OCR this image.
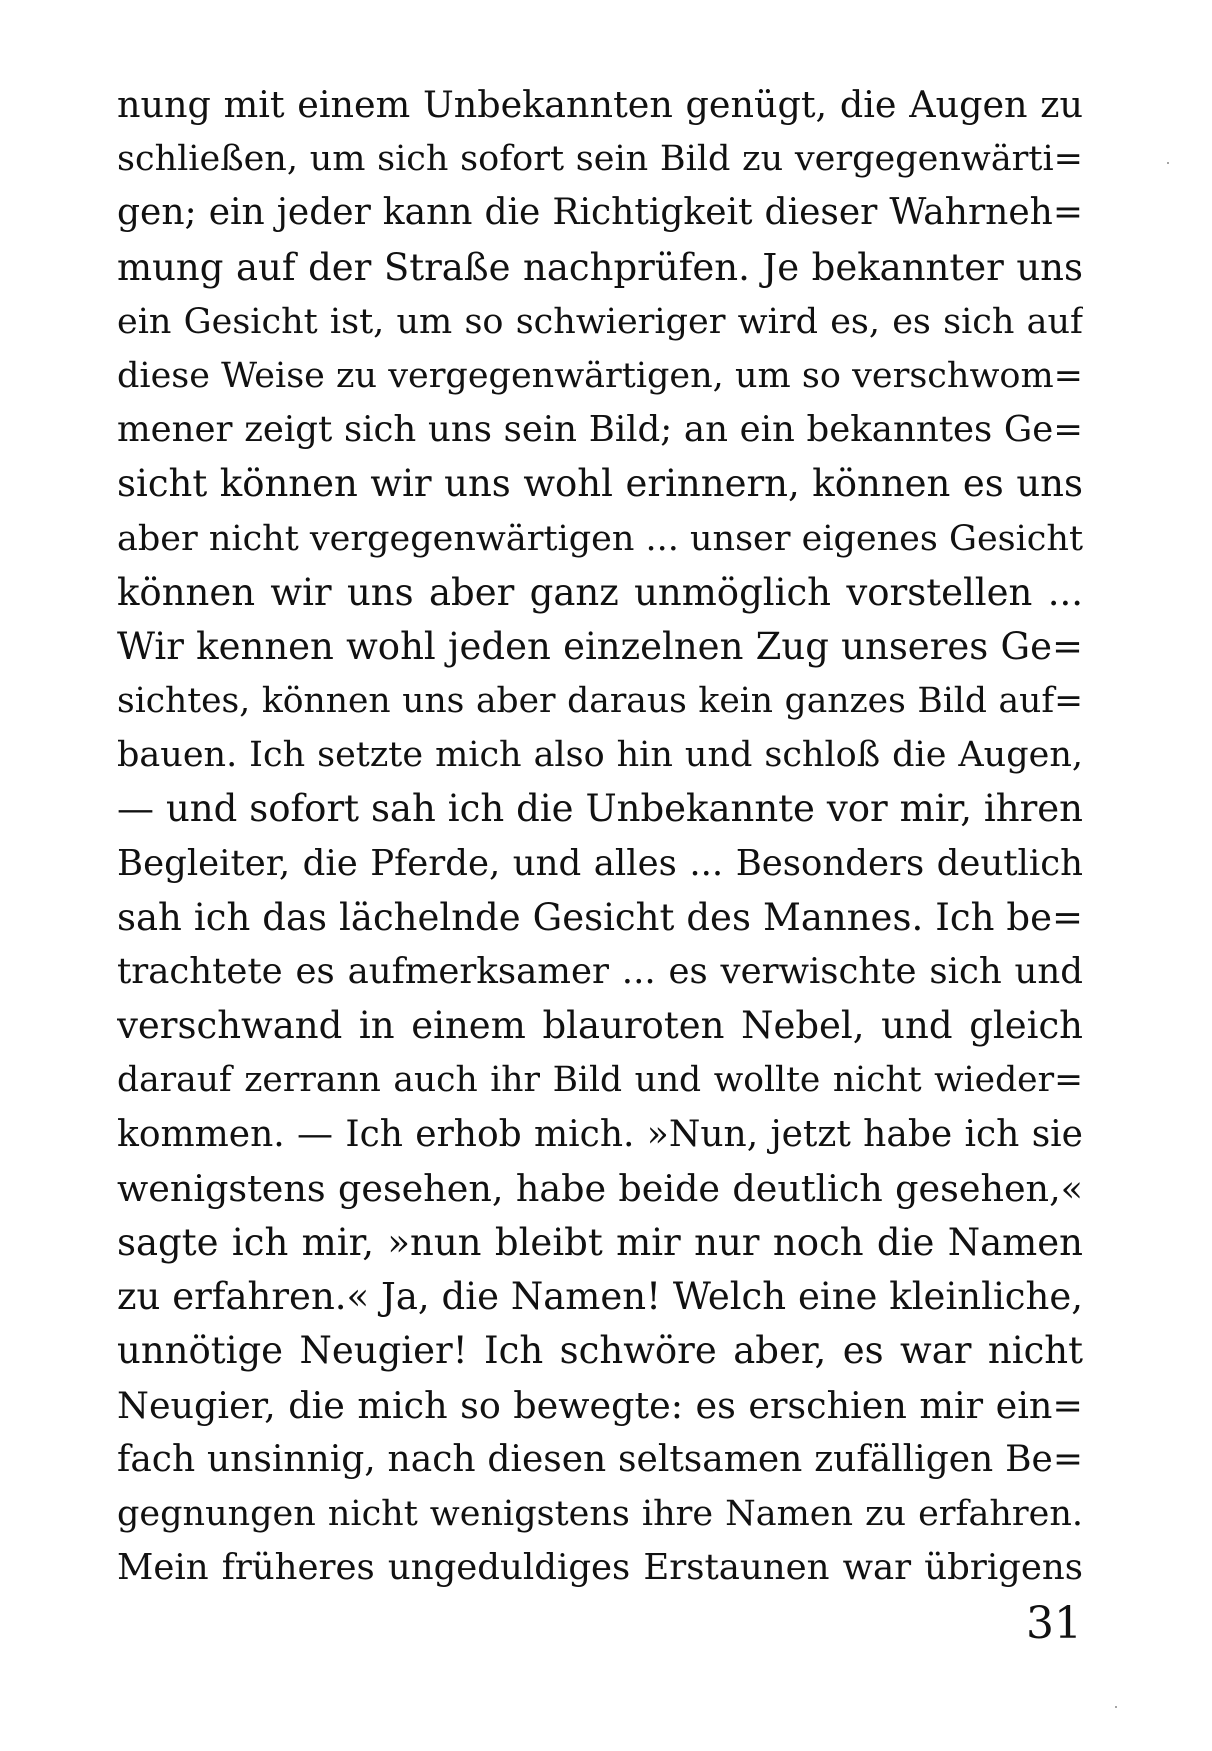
nung mit einem Unbekannten genügt, die Augen zu
schließen, um sich sofort sein Bild zu vergegenwärti=
gen; ein jeder kann die Richtigkeit dieser Wahrneh=
mung auf der Straße nachprüfen. Je bekannter uns
ein Gesicht ist, um so schwieriger wird es, es sich auf
diese Weise zu vergegenwärtigen, um so verschwom=
mener zeigt sich uns sein Bild; an ein bekanntes Ge=
sicht können wir uns wohl erinnern, können es uns
aber nicht vergegenwärtigen ... unser eigenes Gesicht
können wir uns aber ganz unmöglich vorstellen ...
Wir kennen wohl jeden einzelnen Zug unseres Ge=
sichtes, können uns aber daraus kein ganzes Bild auf=
bauen. Ich setzte mich also hin und schloß die Augen,
— und sofort sah ich die Unbekannte vor mir, ihren
Begleiter, die Pferde, und alles ... Besonders deutlich
sah ich das lächelnde Gesicht des Mannes. Ich be=
trachtete es aufmerksamer ... es verwischte sich und
verschwand in einem blauroten Nebel, und gleich
darauf zerrann auch ihr Bild und wollte nicht wieder=
kommen. — Ich erhob mich. »Nun, jetzt habe ich sie
wenigstens gesehen, habe beide deutlich gesehen,«
sagte ich mir, »nun bleibt mir nur noch die Namen
zu erfahren.« Ja, die Namen! Welch eine kleinliche,
unnötige Neugier! Ich schwöre aber, es war nicht
Neugier, die mich so bewegte: es erschien mir ein=
fach unsinnig, nach diesen seltsamen zufälligen Be=
gegnungen nicht wenigstens ihre Namen zu erfahren.
Mein früheres ungeduldiges Erstaunen war übrigens
31
